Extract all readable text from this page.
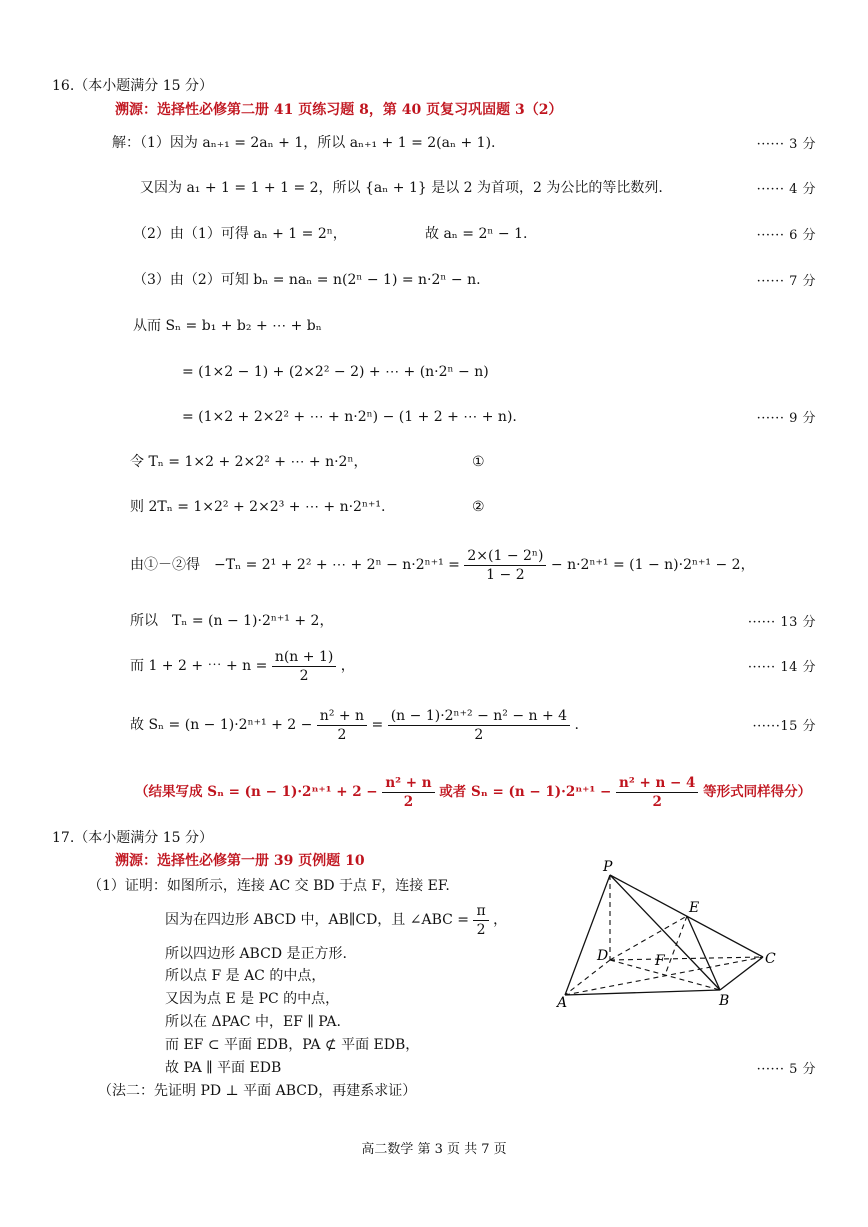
16.（本小题满分 15 分）
溯源：选择性必修第二册 41 页练习题 8，第 40 页复习巩固题 3（2）
解：（1）因为 aₙ₊₁ = 2aₙ + 1，所以 aₙ₊₁ + 1 = 2(aₙ + 1).	······ 3 分
又因为 a₁ + 1 = 1 + 1 = 2，所以 {aₙ + 1} 是以 2 为首项，2 为公比的等比数列.	······ 4 分
（2）由（1）可得 aₙ + 1 = 2ⁿ，	故 aₙ = 2ⁿ − 1.	······ 6 分
（3）由（2）可知 bₙ = naₙ = n(2ⁿ − 1) = n·2ⁿ − n.	······ 7 分
从而 Sₙ = b₁ + b₂ + ⋯ + bₙ
= (1×2 − 1) + (2×2² − 2) + ⋯ + (n·2ⁿ − n)
= (1×2 + 2×2² + ⋯ + n·2ⁿ) − (1 + 2 + ⋯ + n).	······ 9 分
令 Tₙ = 1×2 + 2×2² + ⋯ + n·2ⁿ，	①
则 2Tₙ = 1×2² + 2×2³ + ⋯ + n·2ⁿ⁺¹.	②
由①－②得　−Tₙ = 2¹ + 2² + ⋯ + $2^n - n\cdot 2^{n+1} = \frac{\text{2×(1 − 2ⁿ)}}{1 - 2} - n\cdot 2^{n+1} = (1 - n)\cdot 2^{n+1} - 2$，
所以　Tₙ = (n − 1)·2ⁿ⁺¹ + 2，	······ 13 分
而 1 + 2 + ⋯ + $n = \frac{n(n + 1)}{2}$ ，	······ 14 分
故 $S_n = (n - 1)\cdot 2^{n+1} + 2 - \frac{\text{n² + n}}{2} = \frac{\text{(n − 1)·2ⁿ⁺² − n² − n + 4}}{2}$ .	······15 分
（结果写成 $S_n = (n - 1)\cdot 2^{n+1} + 2 - \frac{\text{n² + n}}{2}$ 或者 $S_n = (n - 1)\cdot 2^{n+1} - \frac{\text{n² + n − 4}}{2}$ 等形式同样得分）
17.（本小题满分 15 分）
溯源：选择性必修第一册 39 页例题 10
（1）证明：如图所示，连接 AC 交 BD 于点 F，连接 EF.
因为在四边形 ABCD 中，AB∥CD，且 ∠ABC = $\frac{\pi}{2}$ ，
所以四边形 ABCD 是正方形.
所以点 F 是 AC 的中点，
又因为点 E 是 PC 的中点，
所以在 ΔPAC 中，EF ∥ PA.
而 EF ⊂ 平面 EDB，PA ⊄ 平面 EDB，
故 PA ∥ 平面 EDB	······ 5 分
（法二：先证明 PD ⊥ 平面 ABCD，再建系求证）
P
E
D	F	C
A	B
高二数学 第 3 页 共 7 页
